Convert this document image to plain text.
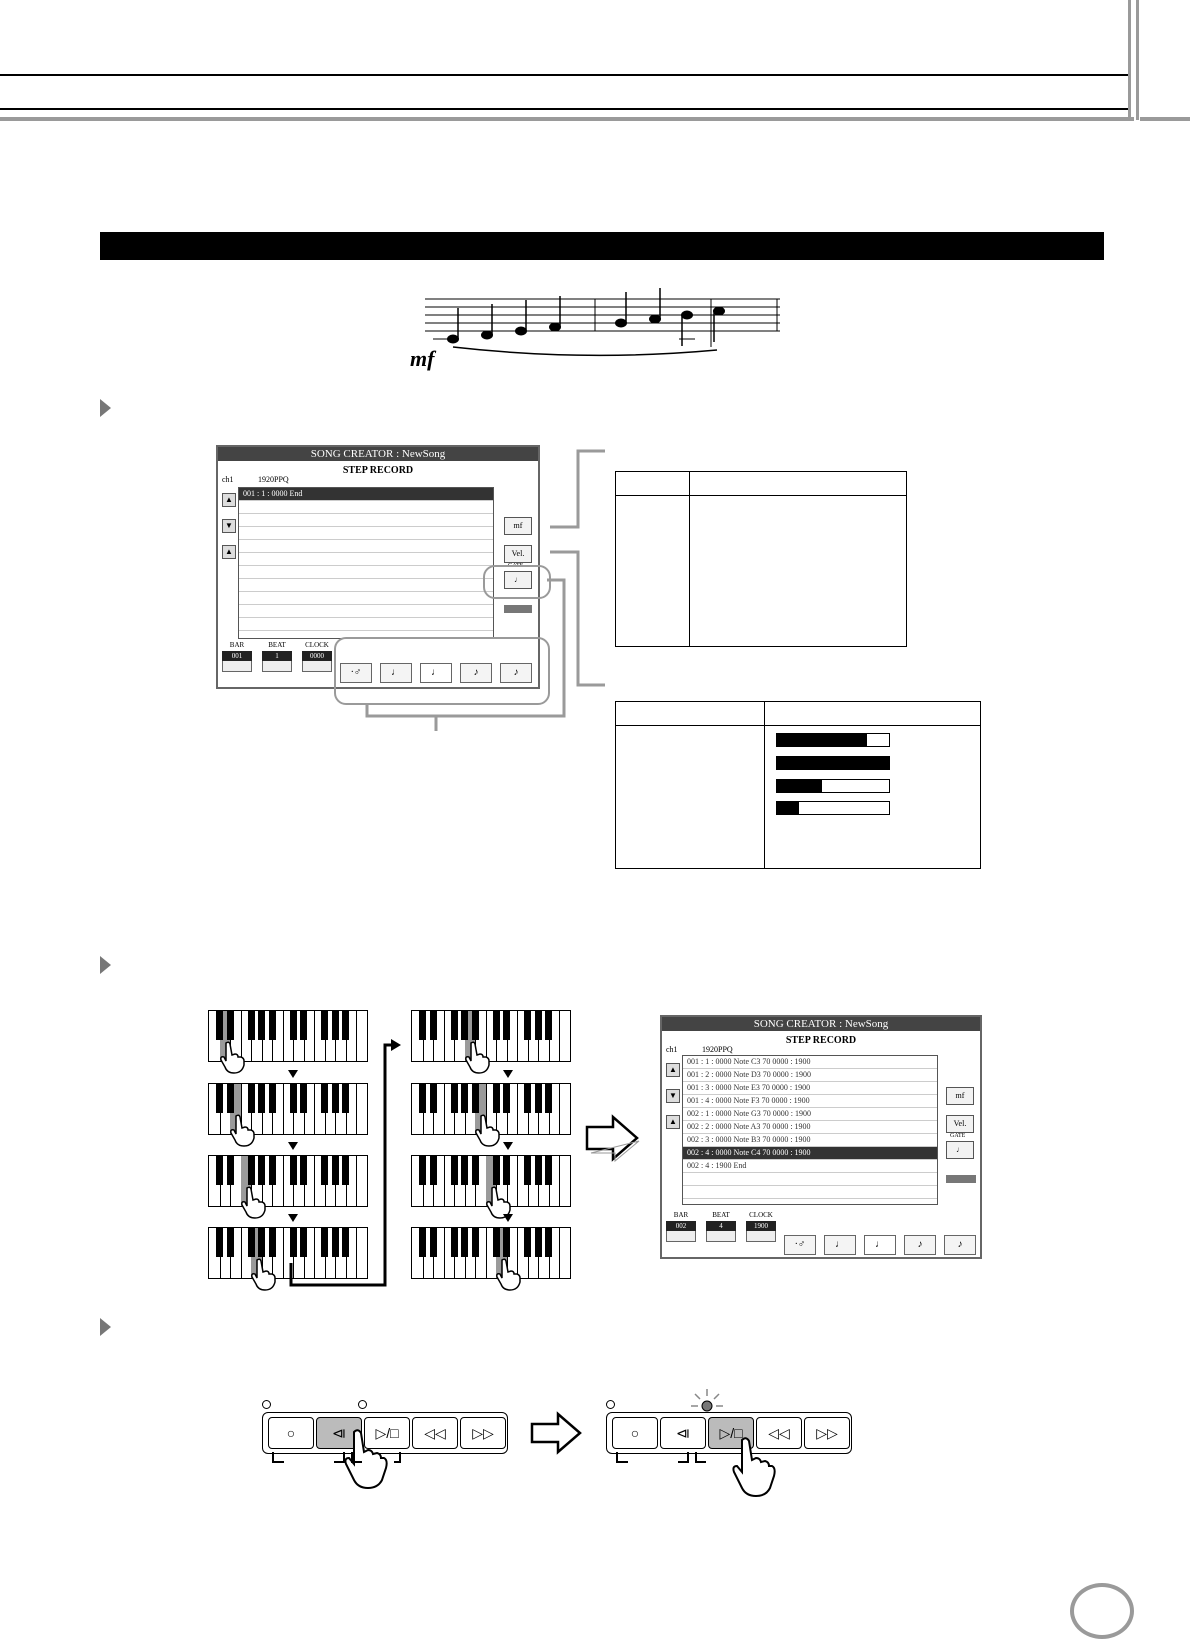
mf
SONG CREATOR : NewSong
STEP RECORD
ch1	1920PPQ
▲
▼
▲
001 : 1 : 0000 End
mf
Vel.
GATE
♩
BAR
001
BEAT
1
CLOCK
0000
·♂	♩	♩	♪	♪

SONG CREATOR : NewSong
STEP RECORD
ch1	1920PPQ
▲
▼
▲
001 : 1 : 0000 Note C3 70 0000 : 1900
001 : 2 : 0000 Note D3 70 0000 : 1900
001 : 3 : 0000 Note E3 70 0000 : 1900
001 : 4 : 0000 Note F3 70 0000 : 1900
002 : 1 : 0000 Note G3 70 0000 : 1900
002 : 2 : 0000 Note A3 70 0000 : 1900
002 : 3 : 0000 Note B3 70 0000 : 1900
002 : 4 : 0000 Note C4 70 0000 : 1900
002 : 4 : 1900 End
mf
Vel.
GATE
♩
BAR
002
BEAT
4
CLOCK
1900
·♂	♩	♩	♪	♪
○	⧏	▷/□	◁◁	▷▷	○	⧏	▷/□	◁◁	▷▷
